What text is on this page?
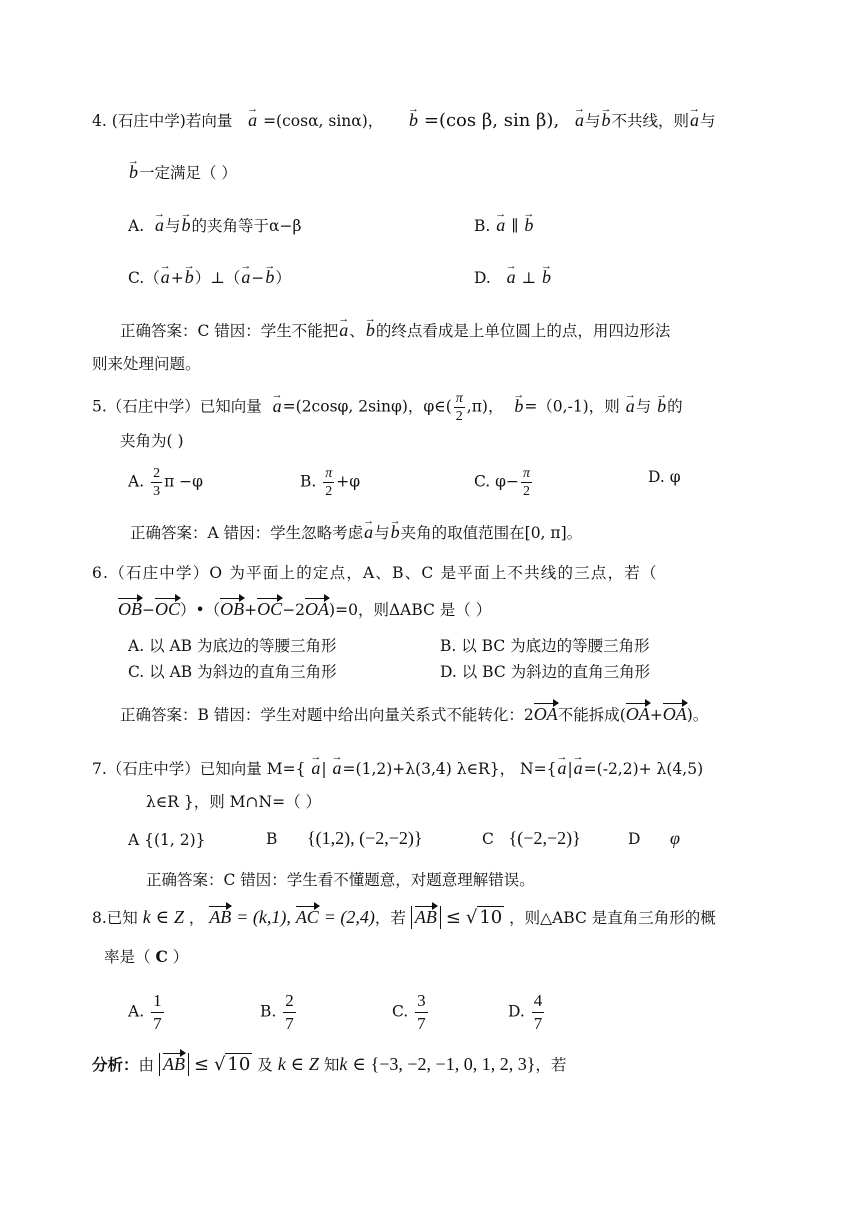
4. (石庄中学)若向量 → a =(cosα, sinα)， → b =(cos β, sin β), → a与→ b不共线，则→ a与
→ b一定满足（ ）
A. → a与→ b的夹角等于α−β	B. → a ∥ → b
C.（→ a+→ b）⊥（→ a−→ b）	D. → a ⊥ → b
正确答案：C 错因：学生不能把→ a、→ b的终点看成是上单位圆上的点，用四边形法
则来处理问题。
5.（石庄中学）已知向量 → a=(2cosφ, 2sinφ)，φ∈( $\frac{\pi}{2} ,\pi$)， → b=（0,-1)，则 → a与 → b的
夹角为( )
A. $\frac{2}{3}$ π −φ	B. $\frac{\pi}{2} +\varphi$	C. $\varphi- \frac{\pi}{2}$	D. φ
正确答案：A 错因：学生忽略考虑→ a与→ b夹角的取值范围在[0, π]。
6.（石庄中学）O 为平面上的定点，A、B、C 是平面上不共线的三点，若（
OB−OC）•（OB+OC−2OA)=0，则ΔABC 是（ ）
A. 以 AB 为底边的等腰三角形	B. 以 BC 为底边的等腰三角形
C. 以 AB 为斜边的直角三角形	D. 以 BC 为斜边的直角三角形
正确答案：B 错因：学生对题中给出向量关系式不能转化：2OA不能拆成(OA+OA)。
7.（石庄中学）已知向量 M={ → a| → a=(1,2)+λ(3,4) λ∈R}， N={→ a|→ a=(-2,2)+ λ(4,5)
λ∈R }，则 M∩N=（ ）
A {(1, 2)}	B {(1,2), (−2,−2)}	C {(−2,−2)}	D φ
正确答案：C 错因：学生看不懂题意，对题意理解错误。
8.已知 k ∈ Z ， AB = (k,1), AC = (2,4)，若 AB ≤ √ 10 ，则△ABC 是直角三角形的概
率是（ C ）
A. $\frac{1}{7}$	B. $\frac{2}{7}$	C. $\frac{3}{7}$	D. $\frac{4}{7}$
分析：由 AB ≤ √ 10 及 k ∈ Z 知k ∈ {−3, −2, −1, 0, 1, 2, 3}，若
